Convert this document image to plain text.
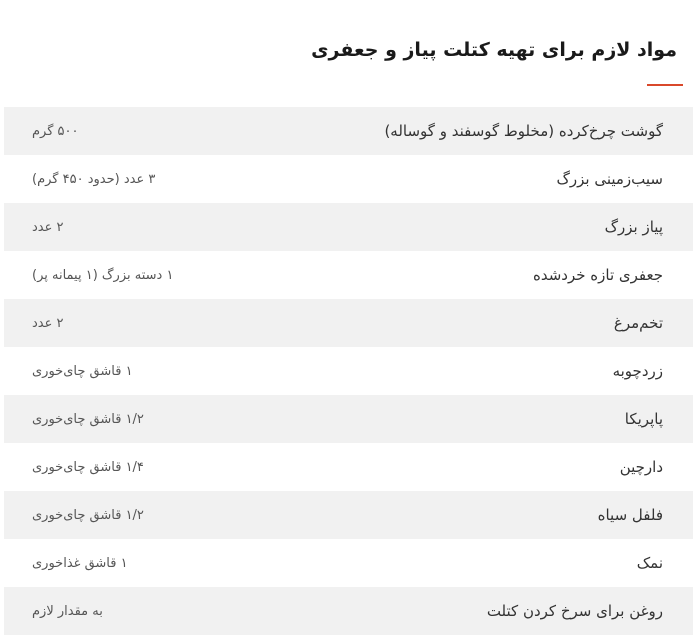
مواد لازم برای تهیه کتلت پیاز و جعفری
گوشت چرخ‌کرده (مخلوط گوسفند و گوساله)
۵۰۰ گرم
سیب‌زمینی بزرگ
۳ عدد (حدود ۴۵۰ گرم)
پیاز بزرگ
۲ عدد
جعفری تازه خردشده
۱ دسته بزرگ (۱ پیمانه پر)
تخم‌مرغ
۲ عدد
زردچوبه
۱ قاشق چای‌خوری
پاپریکا
۱/۲ قاشق چای‌خوری
دارچین
۱/۴ قاشق چای‌خوری
فلفل سیاه
۱/۲ قاشق چای‌خوری
نمک
۱ قاشق غذاخوری
روغن برای سرخ کردن کتلت
به مقدار لازم
